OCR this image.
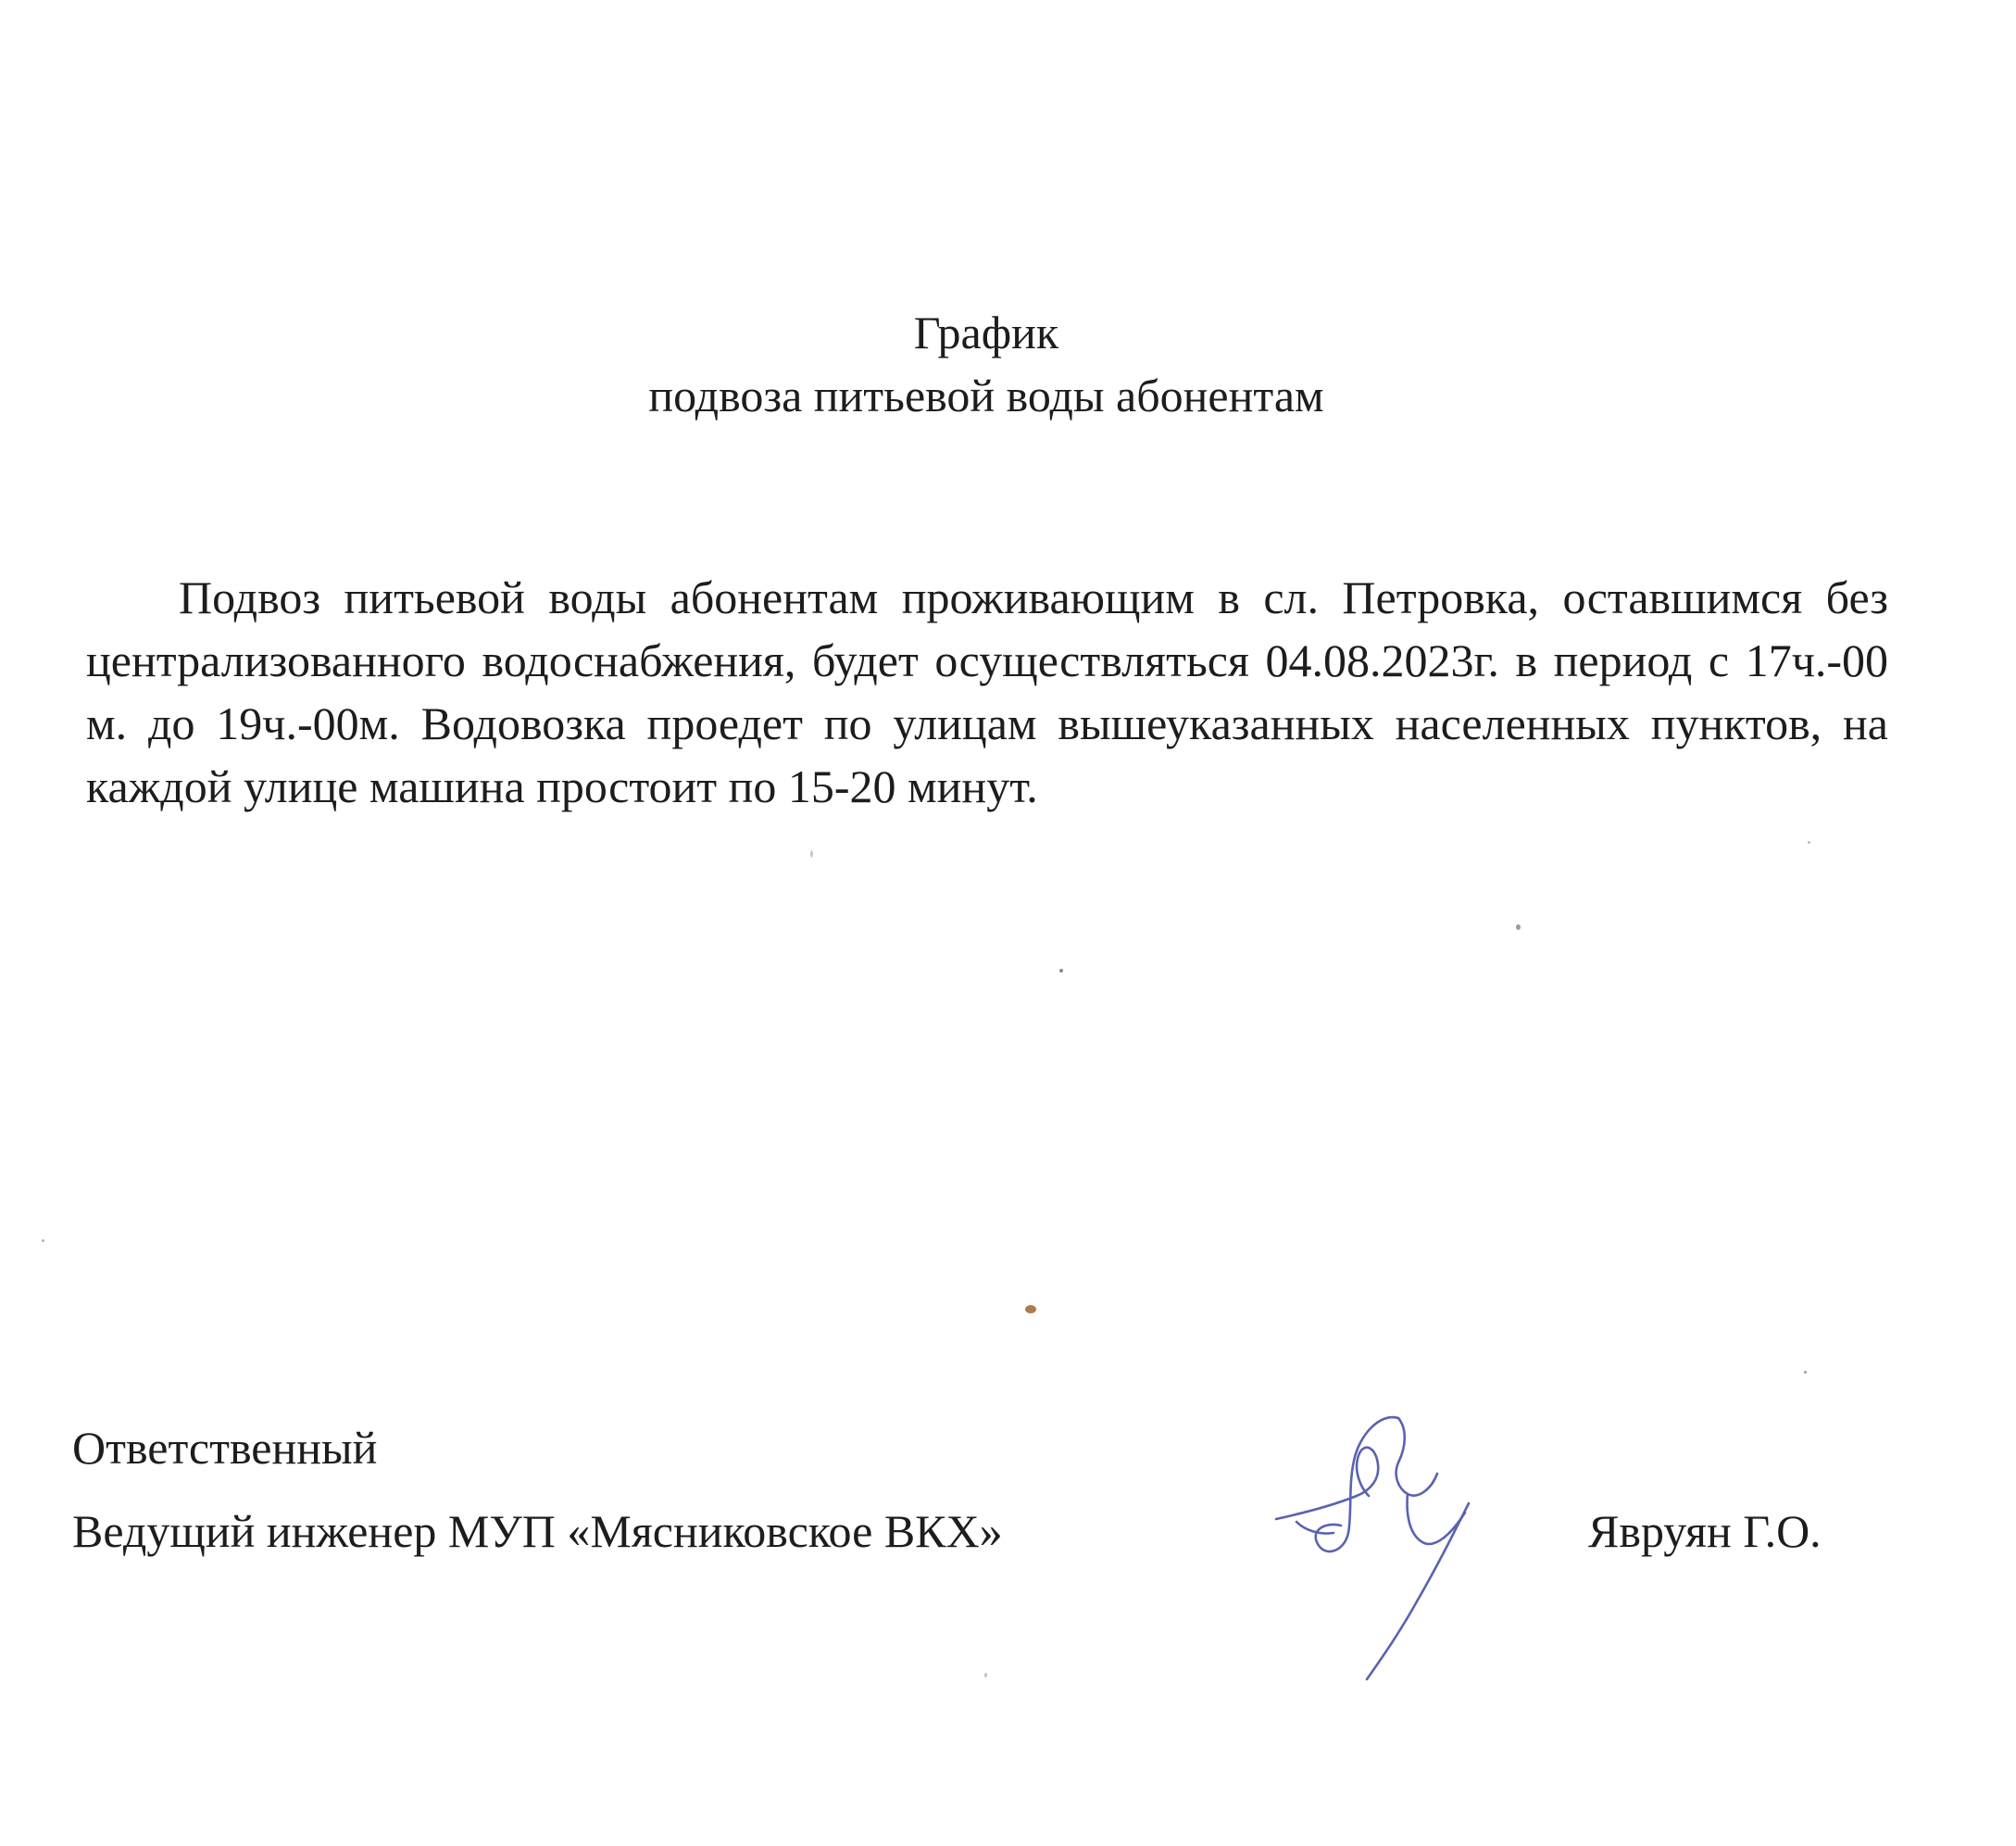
График
подвоза питьевой воды абонентам

Подвоз питьевой воды абонентам проживающим в сл. Петровка, оставшимся без централизованного водоснабжения, будет осуществляться 04.08.2023г. в период с 17ч.-00 м. до 19ч.-00м. Водовозка проедет по улицам вышеуказанных населенных пунктов, на каждой улице машина простоит по 15-20 минут.

Ответственный
Ведущий инженер МУП «Мясниковское ВКХ»	Явруян Г.О.
